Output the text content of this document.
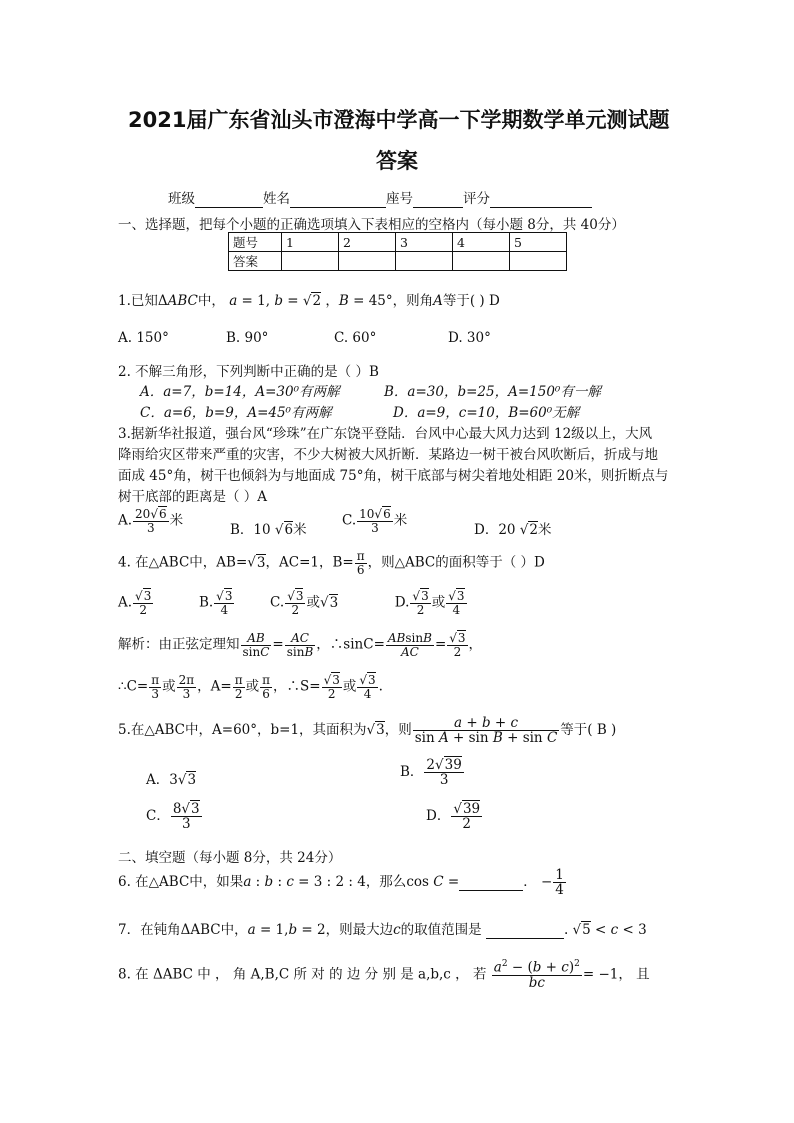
2021届广东省汕头市澄海中学高一下学期数学单元测试题
答案
班级	姓名	座号	评分
一、选择题，把每个小题的正确选项填入下表相应的空格内（每小题 8分，共 40分）
题号	1	2	3	4	5
答案					
1.已知ΔABC中， a = 1, b = √2 ，B = 45°，则角A等于( ) D
A. 150°	B. 90°	C. 60°	D. 30°
2. 不解三角形，下列判断中正确的是（ ）B
A．a=7，b=14，A=30⁰有两解	B．a=30，b=25，A=150⁰有一解
C．a=6，b=9，A=45⁰有两解	D．a=9，c=10，B=60⁰无解
3.据新华社报道，强台风“珍珠”在广东饶平登陆．台风中心最大风力达到 12级以上，大风
降雨给灾区带来严重的灾害，不少大树被大风折断．某路边一树干被台风吹断后，折成与地
面成 45°角，树干也倾斜为与地面成 75°角，树干底部与树尖着地处相距 20米，则折断点与
树干底部的距离是（ ）A
A. $\frac{20√6}{3}$ 米
B．10 √6米
C. $\frac{10√6}{3}$ 米
D．20 √2米
4. 在△ABC中，AB=√3，AC=1，$B= \frac{\pi}{6}$ ，则△ABC的面积等于（ ）D
A. $\frac{√3}{2}$	B. $\frac{√3}{4}$	C. $\frac{√3}{2}$ 或√3	D. $\frac{√3}{2}$ 或 $\frac{√3}{4}$
解析：由正弦定理知 $\frac{AB}{\sin C} = \frac{AC}{\sin B}$ ，∴sinC= $\frac{ABsinB}{AC} = \frac{√3}{2}$ ，
∴C= $\frac{\pi}{3}$ 或 $\frac{2\pi}{3}$ ，$A= \frac{\pi}{2}$ 或 $\frac{\pi}{6}$ ，∴S= $\frac{√3}{2}$ 或 $\frac{√3}{4}$ .
5.在△ABC中，A=60°，b=1，其面积为√3，则 $\frac{a + b + c}{\text{sin A + sin B + sin C}}$ 等于( B )
A．3√3	B． $\frac{2√39}{3}$
C． $\frac{8√3}{3}$	D． $\frac{√39}{2}$
二、填空题（每小题 8分，共 24分）
6. 在△ABC中，如果a : b : c = 3 : 2 : 4，那么cos C =	． − $\frac{1}{4}$
7．在钝角ΔABC中，a = 1,b = 2，则最大边c的取值范围是	. √5 < c < 3
8. 在 ΔABC 中 ， 角 A,B,C 所 对 的 边 分 别 是 a,b,c ， 若 $\frac{a^2 - (b + c)^2}{bc} = -1$， 且
